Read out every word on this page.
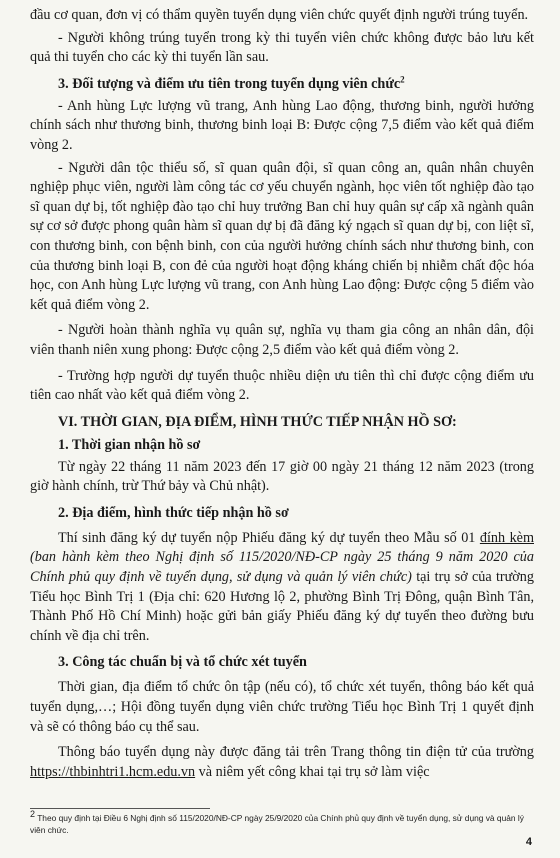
đầu cơ quan, đơn vị có thẩm quyền tuyển dụng viên chức quyết định người trúng tuyển.

- Người không trúng tuyển trong kỳ thi tuyển viên chức không được bảo lưu kết quả thi tuyển cho các kỳ thi tuyển lần sau.

3. Đối tượng và điểm ưu tiên trong tuyển dụng viên chức$^2$

- Anh hùng Lực lượng vũ trang, Anh hùng Lao động, thương binh, người hưởng chính sách như thương binh, thương binh loại B: Được cộng 7,5 điểm vào kết quả điểm vòng 2.

- Người dân tộc thiểu số, sĩ quan quân đội, sĩ quan công an, quân nhân chuyên nghiệp phục viên, người làm công tác cơ yếu chuyển ngành, học viên tốt nghiệp đào tạo sĩ quan dự bị, tốt nghiệp đào tạo chỉ huy trưởng Ban chỉ huy quân sự cấp xã ngành quân sự cơ sở được phong quân hàm sĩ quan dự bị đã đăng ký ngạch sĩ quan dự bị, con liệt sĩ, con thương binh, con bệnh binh, con của người hưởng chính sách như thương binh, con của thương binh loại B, con đẻ của người hoạt động kháng chiến bị nhiễm chất độc hóa học, con Anh hùng Lực lượng vũ trang, con Anh hùng Lao động: Được cộng 5 điểm vào kết quả điểm vòng 2.

- Người hoàn thành nghĩa vụ quân sự, nghĩa vụ tham gia công an nhân dân, đội viên thanh niên xung phong: Được cộng 2,5 điểm vào kết quả điểm vòng 2.

- Trường hợp người dự tuyển thuộc nhiều diện ưu tiên thì chỉ được cộng điểm ưu tiên cao nhất vào kết quả điểm vòng 2.

VI. THỜI GIAN, ĐỊA ĐIỂM, HÌNH THỨC TIẾP NHẬN HỒ SƠ:
1. Thời gian nhận hồ sơ

Từ ngày 22 tháng 11 năm 2023 đến 17 giờ 00 ngày 21 tháng 12 năm 2023 (trong giờ hành chính, trừ Thứ bảy và Chủ nhật).

2. Địa điểm, hình thức tiếp nhận hồ sơ

Thí sinh đăng ký dự tuyển nộp Phiếu đăng ký dự tuyển theo Mẫu số 01 đính kèm (ban hành kèm theo Nghị định số 115/2020/NĐ-CP ngày 25 tháng 9 năm 2020 của Chính phủ quy định về tuyển dụng, sử dụng và quản lý viên chức) tại trụ sở của trường Tiểu học Bình Trị 1 (Địa chỉ: 620 Hương lộ 2, phường Bình Trị Đông, quận Bình Tân, Thành Phố Hồ Chí Minh) hoặc gửi bản giấy Phiếu đăng ký dự tuyển theo đường bưu chính về địa chỉ trên.

3. Công tác chuẩn bị và tổ chức xét tuyển

Thời gian, địa điểm tổ chức ôn tập (nếu có), tổ chức xét tuyển, thông báo kết quả tuyển dụng,…; Hội đồng tuyển dụng viên chức trường Tiểu học Bình Trị 1 quyết định và sẽ có thông báo cụ thể sau.

Thông báo tuyển dụng này được đăng tải trên Trang thông tin điện tử của trường https://thbinhtri1.hcm.edu.vn và niêm yết công khai tại trụ sở làm việc

$^2$ Theo quy định tại Điều 6 Nghị định số 115/2020/NĐ-CP ngày 25/9/2020 của Chính phủ quy định về tuyển dụng, sử dụng và quản lý viên chức.
4
